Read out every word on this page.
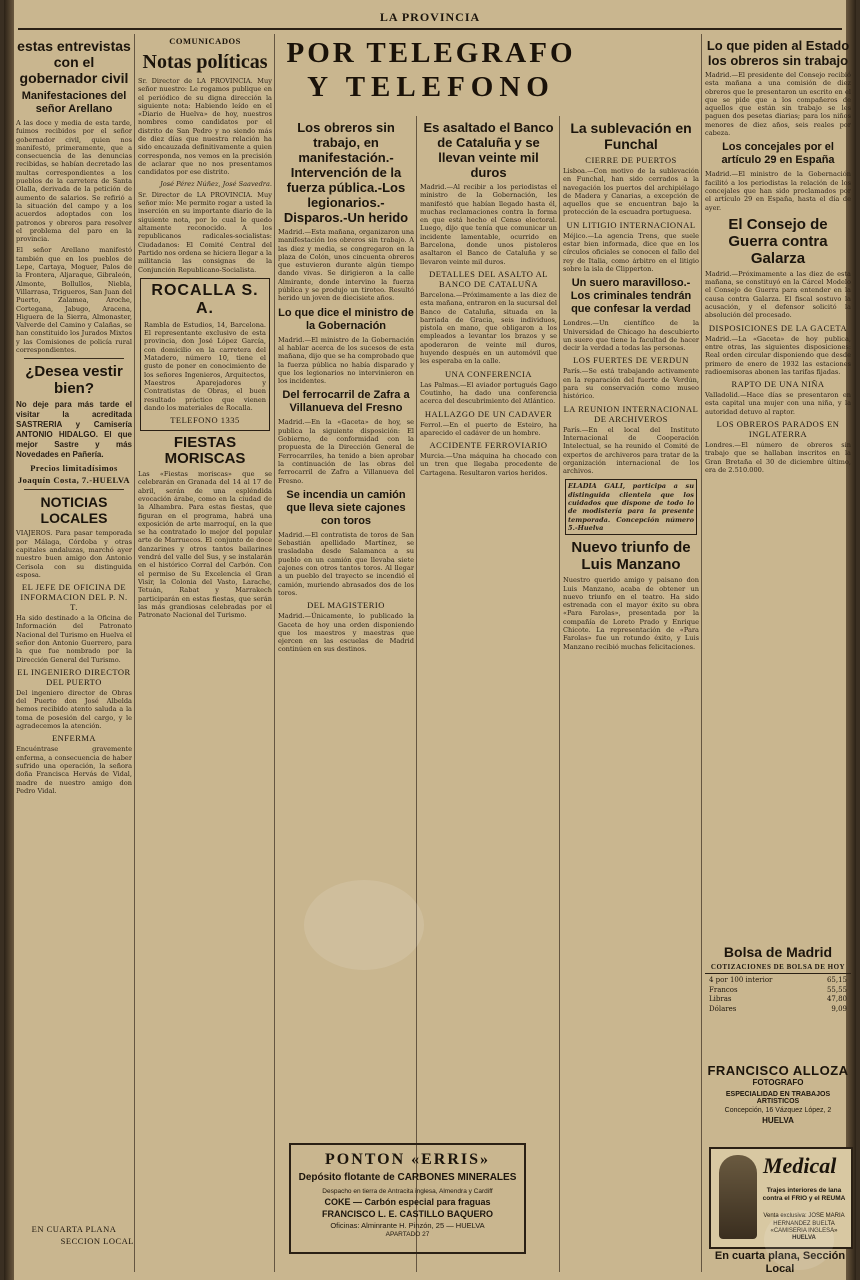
LA PROVINCIA
POR TELEGRAFO
Y TELEFONO
estas entrevistas con el gobernador civil
Manifestaciones del señor Arellano

A las doce y media de esta tarde, fuimos recibidos por el señor gobernador civil, quien nos manifestó, primeramente, que a consecuencia de las denuncias recibidas, se habían decretado las multas correspondientes a los pueblos de la carretera de Santa Olalla, derivada de la petición de aumento de salarios. Se refirió a la situación del campo y a los acuerdos adoptados con los patronos y obreros para resolver el problema del paro en la provincia.

El señor Arellano manifestó también que en los pueblos de Lepe, Cartaya, Moguer, Palos de la Frontera, Aljaraque, Gibraleón, Almonte, Bollullos, Niebla, Villarrasa, Trigueros, San Juan del Puerto, Zalamea, Aroche, Cortegana, Jabugo, Aracena, Higuera de la Sierra, Almonaster, Valverde del Camino y Calañas, se han constituido los Jurados Mixtos y las Comisiones de policía rural correspondientes.

¿Desea vestir bien?

No deje para más tarde el visitar la acreditada SASTRERIA y Camisería ANTONIO HIDALGO. El que mejor Sastre y más Novedades en Pañería.

Precios limitadísimos
Joaquín Costa, 7.-HUELVA
NOTICIAS LOCALES

VIAJEROS. Para pasar temporada por Málaga, Córdoba y otras capitales andaluzas, marchó ayer nuestro buen amigo don Antonio Cerisola con su distinguida esposa.

EL JEFE DE OFICINA DE INFORMACION DEL P. N. T.

Ha sido destinado a la Oficina de Información del Patronato Nacional del Turismo en Huelva el señor don Antonio Guerrero, para la que fue nombrado por la Dirección General del Turismo.

EL INGENIERO DIRECTOR DEL PUERTO

Del ingeniero director de Obras del Puerto don José Albelda hemos recibido atento saluda a la toma de posesión del cargo, y le agradecemos la atención.

ENFERMA

Encuéntrase gravemente enferma, a consecuencia de haber sufrido una operación, la señora doña Francisca Hervás de Vidal, madre de nuestro amigo don Pedro Vidal.

EN CUARTA PLANA
SECCION LOCAL
COMUNICADOS
Notas políticas

Sr. Director de LA PROVINCIA. Muy señor nuestro: Le rogamos publique en el periódico de su digna dirección la siguiente nota: Habiendo leído en el «Diario de Huelva» de hoy, nuestros nombres como candidatos por el distrito de San Pedro y no siendo más de diez días que nuestra relación ha sido encauzada definitivamente a quien corresponda, nos vemos en la precisión de aclarar que no nos presentamos candidatos por ese distrito.

José Pérez Núñez, José Saavedra.

Sr. Director de LA PROVINCIA. Muy señor mío: Me permito rogar a usted la inserción en su importante diario de la siguiente nota, por lo cual le quedo altamente reconocido. A los republicanos radicales-socialistas: Ciudadanos: El Comité Central del Partido nos ordena se hiciera llegar a la militancia las consignas de la Conjunción Republicano-Socialista.

ROCALLA S. A.

Rambla de Estudios, 14, Barcelona. El representante exclusivo de esta provincia, don José López García, con domicilio en la carretera del Matadero, número 10, tiene el gusto de poner en conocimiento de los señores Ingenieros, Arquitectos, Maestros Aparejadores y Contratistas de Obras, el buen resultado práctico que vienen dando los materiales de Rocalla.

TELEFONO 1335
FIESTAS MORISCAS

Las «Fiestas moriscas» que se celebrarán en Granada del 14 al 17 de abril, serán de una espléndida evocación árabe, como en la ciudad de la Alhambra. Para estas fiestas, que figuran en el programa, habrá una exposición de arte marroquí, en la que se ha contratado lo mejor del popular arte de Marruecos. El conjunto de doce danzarines y otros tantos bailarines vendrá del valle del Sus, y se instalarán en el histórico Corral del Carbón. Con el permiso de Su Excelencia el Gran Visir, la Colonia del Vasto, Larache, Tetuán, Rabat y Marrakech participarán en estas fiestas, que serán las más grandiosas celebradas por el Patronato Nacional del Turismo.

Los obreros sin trabajo, en manifestación.-Intervención de la fuerza pública.-Los legionarios.-Disparos.-Un herido

Madrid.—Esta mañana, organizaron una manifestación los obreros sin trabajo. A las diez y media, se congregaron en la plaza de Colón, unos cincuenta obreros que estuvieron durante algún tiempo dando vivas. Se dirigieron a la calle Almirante, donde intervino la fuerza pública y se produjo un tiroteo. Resultó herido un joven de diecisiete años.

Lo que dice el ministro de la Gobernación

Madrid.—El ministro de la Gobernación al hablar acerca de los sucesos de esta mañana, dijo que se ha comprobado que la fuerza pública no había disparado y que los legionarios no intervinieron en los incidentes.

Del ferrocarril de Zafra a Villanueva del Fresno

Madrid.—En la «Gaceta» de hoy, se publica la siguiente disposición: El Gobierno, de conformidad con la propuesta de la Dirección General de Ferrocarriles, ha tenido a bien aprobar la continuación de las obras del ferrocarril de Zafra a Villanueva del Fresno.

Se incendia un camión que lleva siete cajones con toros

Madrid.—El contratista de toros de San Sebastián apellidado Martínez, se trasladaba desde Salamanca a su pueblo en un camión que llevaba siete cajones con otros tantos toros. Al llegar a un pueblo del trayecto se incendió el camión, muriendo abrasados dos de los toros.

DEL MAGISTERIO

Madrid.—Únicamente, lo publicado la Gaceta de hoy una orden disponiendo que los maestros y maestras que ejercen en las escuelas de Madrid continúen en sus destinos.

Es asaltado el Banco de Cataluña y se llevan veinte mil duros

Madrid.—Al recibir a los periodistas el ministro de la Gobernación, les manifestó que habían llegado hasta él, muchas reclamaciones contra la forma en que está hecho el Censo electoral. Luego, dijo que tenía que comunicar un incidente lamentable, ocurrido en Barcelona, donde unos pistoleros asaltaron el Banco de Cataluña y se llevaron veinte mil duros.

DETALLES DEL ASALTO AL BANCO DE CATALUÑA

Barcelona.—Próximamente a las diez de esta mañana, entraron en la sucursal del Banco de Cataluña, situada en la barriada de Gracia, seis individuos, pistola en mano, que obligaron a los empleados a levantar los brazos y se apoderaron de veinte mil duros, huyendo después en un automóvil que les esperaba en la calle.

UNA CONFERENCIA

Las Palmas.—El aviador portugués Gago Coutinho, ha dado una conferencia acerca del descubrimiento del Atlántico.

HALLAZGO DE UN CADAVER

Ferrol.—En el puerto de Esteiro, ha aparecido el cadáver de un hombre.

ACCIDENTE FERROVIARIO

Murcia.—Una máquina ha chocado con un tren que llegaba procedente de Cartagena. Resultaron varios heridos.

PONTON «ERRIS»
Depósito flotante de CARBONES MINERALES
Despacho en tierra de Antracita inglesa, Almendra y Cardiff
COKE — Carbón especial para fraguas
FRANCISCO L. E. CASTILLO BAQUERO
Oficinas: Alminrante H. Pinzón, 25 — HUELVA
APARTADO 27
La sublevación en Funchal
CIERRE DE PUERTOS

Lisboa.—Con motivo de la sublevación en Funchal, han sido cerrados a la navegación los puertos del archipiélago de Madera y Canarias, a excepción de aquellos que se encuentran bajo la protección de la escuadra portuguesa.

UN LITIGIO INTERNACIONAL

Méjico.—La agencia Trens, que suele estar bien informada, dice que en los círculos oficiales se conocen el fallo del rey de Italia, como árbitro en el litigio sobre la isla de Clipperton.

Un suero maravilloso.-Los criminales tendrán que confesar la verdad

Londres.—Un científico de la Universidad de Chicago ha descubierto un suero que tiene la facultad de hacer decir la verdad a todas las personas.

LOS FUERTES DE VERDUN

París.—Se está trabajando activamente en la reparación del fuerte de Verdún, para su conservación como museo histórico.

LA REUNION INTERNACIONAL DE ARCHIVEROS

París.—En el local del Instituto Internacional de Cooperación Intelectual, se ha reunido el Comité de expertos de archiveros para tratar de la organización internacional de los archivos.

ELADIA GALI, participa a su distinguida clientela que los cuidados que dispone de todo lo de modistería para la presente temporada. Concepción número 5.-Huelva

Nuevo triunfo de Luis Manzano

Nuestro querido amigo y paisano don Luis Manzano, acaba de obtener un nuevo triunfo en el teatro. Ha sido estrenada con el mayor éxito su obra «Para Farolas», presentada por la compañía de Loreto Prado y Enrique Chicote. La representación de «Para Farolas» fue un rotundo éxito, y Luis Manzano recibió muchas felicitaciones.

Lo que piden al Estado los obreros sin trabajo

Madrid.—El presidente del Consejo recibió esta mañana a una comisión de diez obreros que le presentaron un escrito en el que se pide que a los compañeros de aquellos que están sin trabajo se les paguen dos pesetas diarias; para los niños menores de diez años, seis reales por cabeza.

Los concejales por el artículo 29 en España

Madrid.—El ministro de la Gobernación facilitó a los periodistas la relación de los concejales que han sido proclamados por el artículo 29 en España, hasta el día de ayer.

El Consejo de Guerra contra Galarza

Madrid.—Próximamente a las diez de esta mañana, se constituyó en la Cárcel Modelo el Consejo de Guerra para entender en la causa contra Galarza. El fiscal sostuvo la acusación, y el defensor solicitó la absolución del procesado.

DISPOSICIONES DE LA GACETA

Madrid.—La «Gaceta» de hoy publica, entre otras, las siguientes disposiciones: Real orden circular disponiendo que desde primero de enero de 1932 las estaciones radioemisoras abonen las tarifas fijadas.

RAPTO DE UNA NIÑA

Valladolid.—Hace días se presentaron en esta capital una mujer con una niña, y la autoridad detuvo al raptor.

LOS OBREROS PARADOS EN INGLATERRA

Londres.—El número de obreros sin trabajo que se hallaban inscritos en la Gran Bretaña el 30 de diciembre último, era de 2.510.000.

Bolsa de Madrid
COTIZACIONES DE BOLSA DE HOY
4 por 100 interior	65,15
Francos	55,55
Libras	47,80
Dólares	9,09
FRANCISCO ALLOZA
FOTOGRAFO
ESPECIALIDAD EN TRABAJOS ARTISTICOS
Concepción, 16 Vázquez López, 2
HUELVA
Medical
Trajes interiores de lana contra el FRIO y el REUMA
Venta exclusiva: JOSE MARIA HERNANDEZ BUELTA «CAMISERIA INGLESA»
HUELVA
En cuarta plana, Sección Local
